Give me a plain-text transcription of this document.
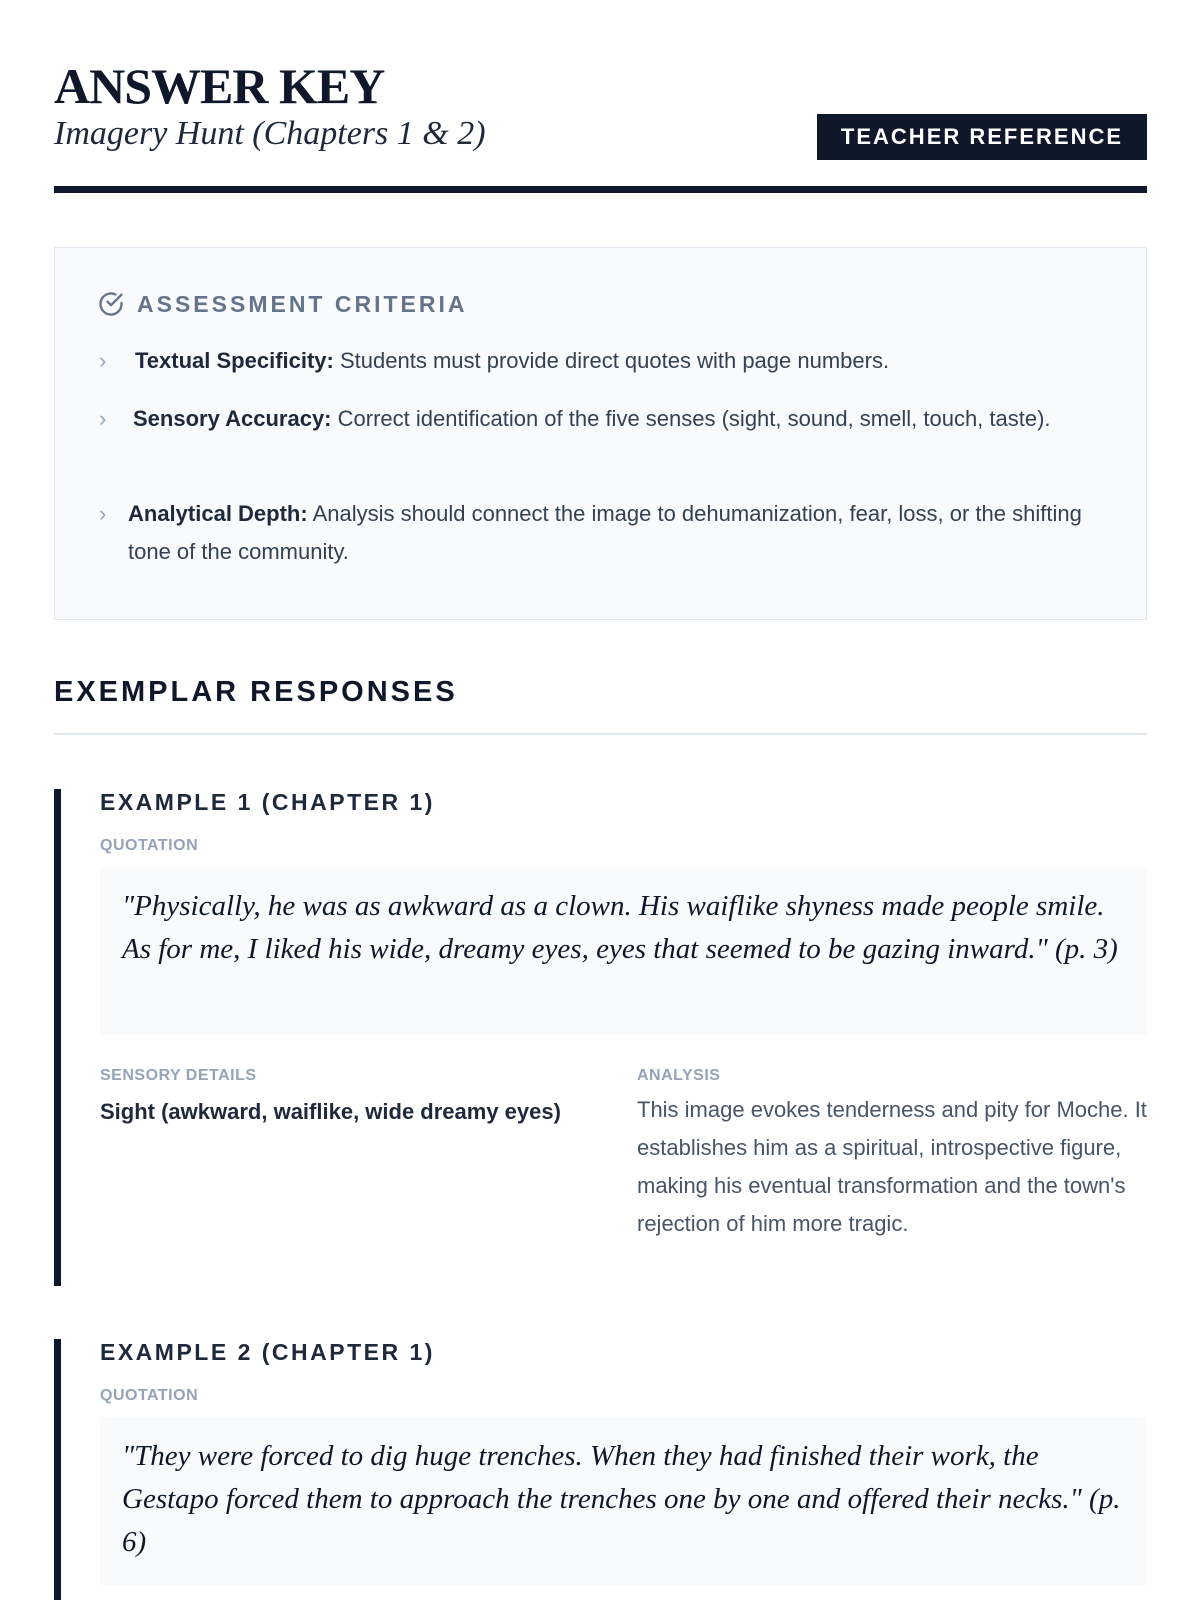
ANSWER KEY
Imagery Hunt (Chapters 1 & 2)	TEACHER REFERENCE
ASSESSMENT CRITERIA
›	Textual Specificity: Students must provide direct quotes with page numbers.
›	Sensory Accuracy: Correct identification of the five senses (sight, sound, smell, touch, taste).
› Analytical Depth: Analysis should connect the image to dehumanization, fear, loss, or the shifting tone of the community.
EXEMPLAR RESPONSES
EXAMPLE 1 (CHAPTER 1)
QUOTATION
"Physically, he was as awkward as a clown. His waiflike shyness made people smile. As for me, I liked his wide, dreamy eyes, eyes that seemed to be gazing inward." (p. 3)
SENSORY DETAILS
Sight (awkward, waiflike, wide dreamy eyes)
ANALYSIS
This image evokes tenderness and pity for Moche. It establishes him as a spiritual, introspective figure, making his eventual transformation and the town's rejection of him more tragic.
EXAMPLE 2 (CHAPTER 1)
QUOTATION
"They were forced to dig huge trenches. When they had finished their work, the Gestapo forced them to approach the trenches one by one and offered their necks." (p. 6)
